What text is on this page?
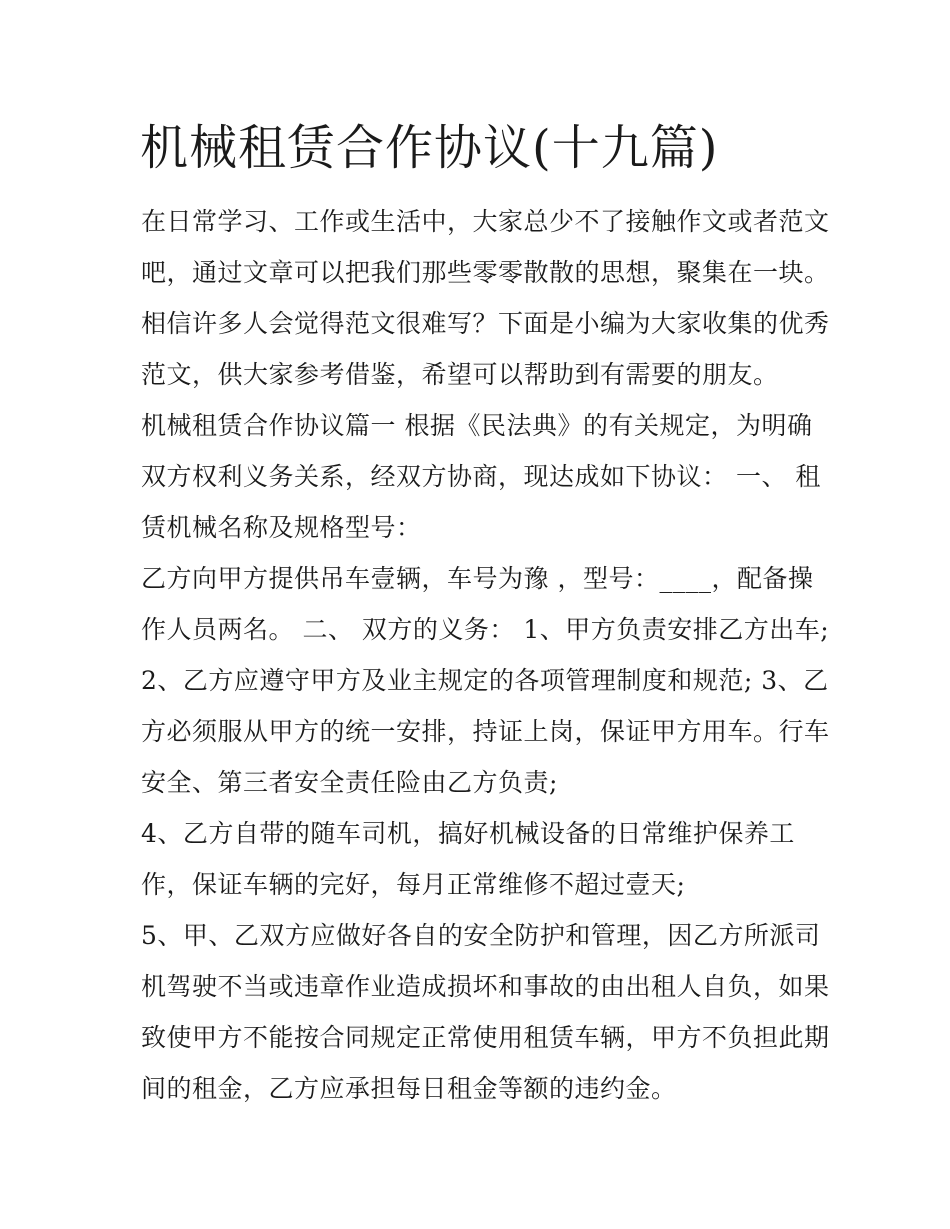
机械租赁合作协议(十九篇)

在日常学习、工作或生活中，大家总少不了接触作文或者范文

吧，通过文章可以把我们那些零零散散的思想，聚集在一块。

相信许多人会觉得范文很难写？下面是小编为大家收集的优秀

范文，供大家参考借鉴，希望可以帮助到有需要的朋友。

机械租赁合作协议篇一 根据《民法典》的有关规定，为明确

双方权利义务关系，经双方协商，现达成如下协议： 一、 租

赁机械名称及规格型号：

乙方向甲方提供吊车壹辆，车号为豫 ，型号：____，配备操

作人员两名。 二、 双方的义务： 1、甲方负责安排乙方出车;

2、乙方应遵守甲方及业主规定的各项管理制度和规范; 3、乙

方必须服从甲方的统一安排，持证上岗，保证甲方用车。行车

安全、第三者安全责任险由乙方负责;

4、乙方自带的随车司机，搞好机械设备的日常维护保养工

作，保证车辆的完好，每月正常维修不超过壹天;

5、甲、乙双方应做好各自的安全防护和管理，因乙方所派司

机驾驶不当或违章作业造成损坏和事故的由出租人自负，如果

致使甲方不能按合同规定正常使用租赁车辆，甲方不负担此期

间的租金，乙方应承担每日租金等额的违约金。
